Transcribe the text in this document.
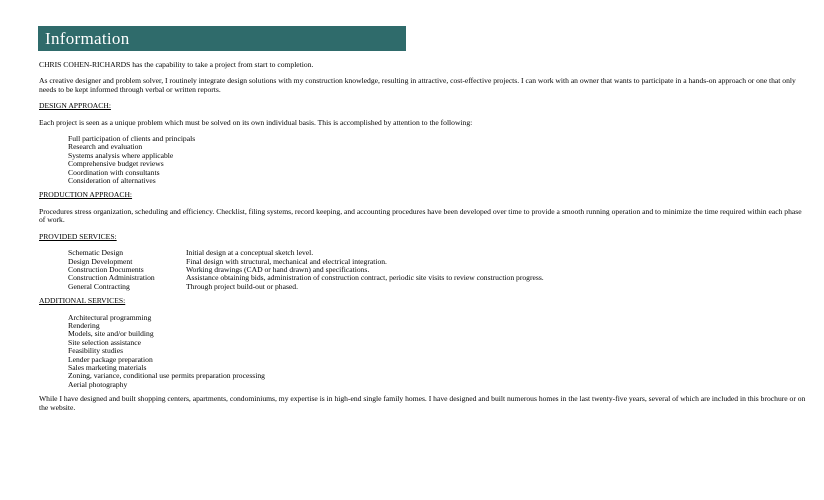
Information

CHRIS COHEN-RICHARDS has the capability to take a project from start to completion.

As creative designer and problem solver, I routinely integrate design solutions with my construction knowledge, resulting in attractive, cost-effective projects. I can work with an owner that wants to participate in a hands-on approach or one that only needs to be kept informed through verbal or written reports.

DESIGN APPROACH:

Each project is seen as a unique problem which must be solved on its own individual basis. This is accomplished by attention to the following:

Full participation of clients and principals
Research and evaluation
Systems analysis where applicable
Comprehensive budget reviews
Coordination with consultants
Consideration of alternatives

PRODUCTION APPROACH:

Procedures stress organization, scheduling and efficiency. Checklist, filing systems, record keeping, and accounting procedures have been developed over time to provide a smooth running operation and to minimize the time required within each phase of work.

PROVIDED SERVICES:

Schematic Design	Initial design at a conceptual sketch level.
Design Development	Final design with structural, mechanical and electrical integration.
Construction Documents	Working drawings (CAD or hand drawn) and specifications.
Construction Administration	Assistance obtaining bids, administration of construction contract, periodic site visits to review construction progress.
General Contracting	Through project build-out or phased.

ADDITIONAL SERVICES:

Architectural programming
Rendering
Models, site and/or building
Site selection assistance
Feasibility studies
Lender package preparation
Sales marketing materials
Zoning, variance, conditional use permits preparation processing
Aerial photography

While I have designed and built shopping centers, apartments, condominiums, my expertise is in high-end single family homes. I have designed and built numerous homes in the last twenty-five years, several of which are included in this brochure or on the website.
